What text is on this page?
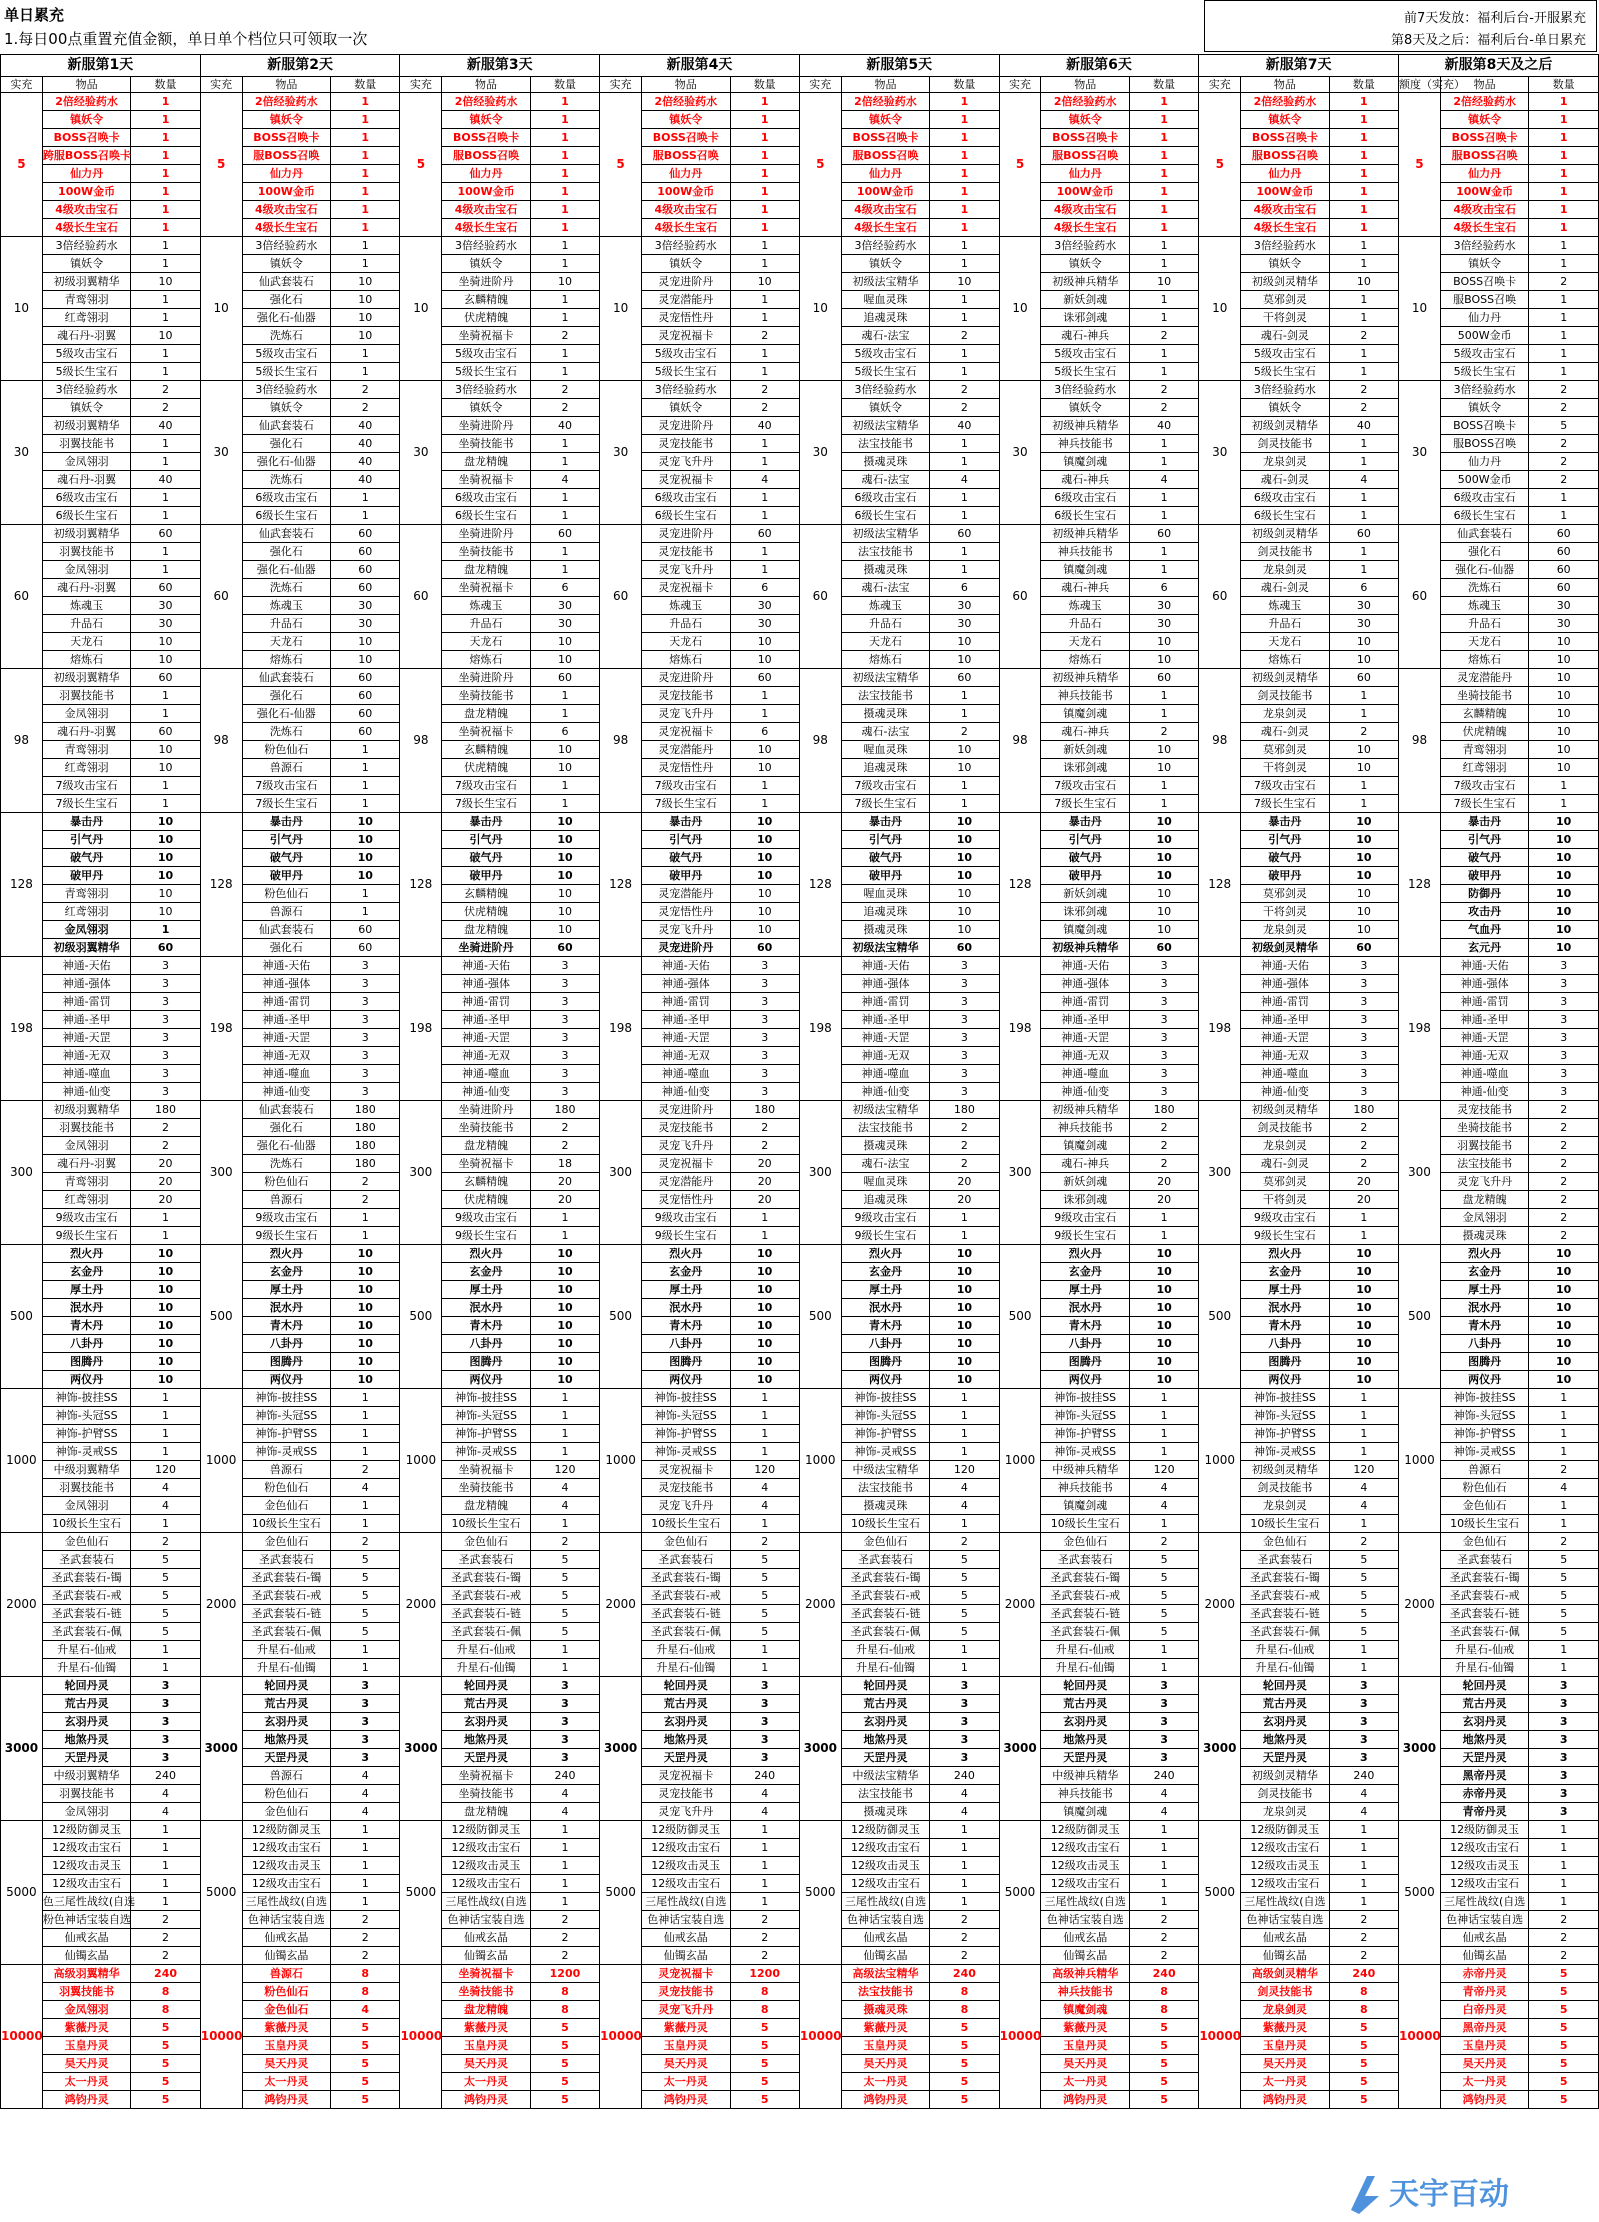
单日累充
1.每日00点重置充值金额，单日单个档位只可领取一次
前7天发放：福利后台-开服累充
第8天及之后：福利后台-单日累充
新服第1天			新服第2天			新服第3天			新服第4天			新服第5天			新服第6天			新服第7天			新服第8天及之后		
实充	物品	数量	实充	物品	数量	实充	物品	数量	实充	物品	数量	实充	物品	数量	实充	物品	数量	实充	物品	数量	额度（实充）	物品	数量
5	2倍经验药水	1	5	2倍经验药水	1	5	2倍经验药水	1	5	2倍经验药水	1	5	2倍经验药水	1	5	2倍经验药水	1	5	2倍经验药水	1	5	2倍经验药水	1
	镇妖令	1		镇妖令	1		镇妖令	1		镇妖令	1		镇妖令	1		镇妖令	1		镇妖令	1		镇妖令	1
	BOSS召唤卡	1		BOSS召唤卡	1		BOSS召唤卡	1		BOSS召唤卡	1		BOSS召唤卡	1		BOSS召唤卡	1		BOSS召唤卡	1		BOSS召唤卡	1
	跨服BOSS召唤卡	1		服BOSS召唤	1		服BOSS召唤	1		服BOSS召唤	1		服BOSS召唤	1		服BOSS召唤	1		服BOSS召唤	1		服BOSS召唤	1
	仙力丹	1		仙力丹	1		仙力丹	1		仙力丹	1		仙力丹	1		仙力丹	1		仙力丹	1		仙力丹	1
	100W金币	1		100W金币	1		100W金币	1		100W金币	1		100W金币	1		100W金币	1		100W金币	1		100W金币	1
	4级攻击宝石	1		4级攻击宝石	1		4级攻击宝石	1		4级攻击宝石	1		4级攻击宝石	1		4级攻击宝石	1		4级攻击宝石	1		4级攻击宝石	1
	4级长生宝石	1		4级长生宝石	1		4级长生宝石	1		4级长生宝石	1		4级长生宝石	1		4级长生宝石	1		4级长生宝石	1		4级长生宝石	1
10	3倍经验药水	1	10	3倍经验药水	1	10	3倍经验药水	1	10	3倍经验药水	1	10	3倍经验药水	1	10	3倍经验药水	1	10	3倍经验药水	1	10	3倍经验药水	1
	镇妖令	1		镇妖令	1		镇妖令	1		镇妖令	1		镇妖令	1		镇妖令	1		镇妖令	1		镇妖令	1
	初级羽翼精华	10		仙武套装石	10		坐骑进阶丹	10		灵宠进阶丹	10		初级法宝精华	10		初级神兵精华	10		初级剑灵精华	10		BOSS召唤卡	2
	青鸾翎羽	1		强化石	10		玄麟精魄	1		灵宠潜能丹	1		喔血灵珠	1		新妖剑魂	1		莫邪剑灵	1		服BOSS召唤	1
	红鸢翎羽	1		强化石-仙器	10		伏虎精魄	1		灵宠悟性丹	1		追魂灵珠	1		诛邪剑魂	1		干将剑灵	1		仙力丹	1
	魂石丹-羽翼	10		洗炼石	10		坐骑祝福卡	2		灵宠祝福卡	2		魂石-法宝	2		魂石-神兵	2		魂石-剑灵	2		500W金币	1
	5级攻击宝石	1		5级攻击宝石	1		5级攻击宝石	1		5级攻击宝石	1		5级攻击宝石	1		5级攻击宝石	1		5级攻击宝石	1		5级攻击宝石	1
	5级长生宝石	1		5级长生宝石	1		5级长生宝石	1		5级长生宝石	1		5级长生宝石	1		5级长生宝石	1		5级长生宝石	1		5级长生宝石	1
30	3倍经验药水	2	30	3倍经验药水	2	30	3倍经验药水	2	30	3倍经验药水	2	30	3倍经验药水	2	30	3倍经验药水	2	30	3倍经验药水	2	30	3倍经验药水	2
	镇妖令	2		镇妖令	2		镇妖令	2		镇妖令	2		镇妖令	2		镇妖令	2		镇妖令	2		镇妖令	2
	初级羽翼精华	40		仙武套装石	40		坐骑进阶丹	40		灵宠进阶丹	40		初级法宝精华	40		初级神兵精华	40		初级剑灵精华	40		BOSS召唤卡	5
	羽翼技能书	1		强化石	40		坐骑技能书	1		灵宠技能书	1		法宝技能书	1		神兵技能书	1		剑灵技能书	1		服BOSS召唤	2
	金凤翎羽	1		强化石-仙器	40		盘龙精魄	1		灵宠飞升丹	1		摄魂灵珠	1		镇魔剑魂	1		龙泉剑灵	1		仙力丹	2
	魂石丹-羽翼	40		洗炼石	40		坐骑祝福卡	4		灵宠祝福卡	4		魂石-法宝	4		魂石-神兵	4		魂石-剑灵	4		500W金币	2
	6级攻击宝石	1		6级攻击宝石	1		6级攻击宝石	1		6级攻击宝石	1		6级攻击宝石	1		6级攻击宝石	1		6级攻击宝石	1		6级攻击宝石	1
	6级长生宝石	1		6级长生宝石	1		6级长生宝石	1		6级长生宝石	1		6级长生宝石	1		6级长生宝石	1		6级长生宝石	1		6级长生宝石	1
60	初级羽翼精华	60	60	仙武套装石	60	60	坐骑进阶丹	60	60	灵宠进阶丹	60	60	初级法宝精华	60	60	初级神兵精华	60	60	初级剑灵精华	60	60	仙武套装石	60
	羽翼技能书	1		强化石	60		坐骑技能书	1		灵宠技能书	1		法宝技能书	1		神兵技能书	1		剑灵技能书	1		强化石	60
	金凤翎羽	1		强化石-仙器	60		盘龙精魄	1		灵宠飞升丹	1		摄魂灵珠	1		镇魔剑魂	1		龙泉剑灵	1		强化石-仙器	60
	魂石丹-羽翼	60		洗炼石	60		坐骑祝福卡	6		灵宠祝福卡	6		魂石-法宝	6		魂石-神兵	6		魂石-剑灵	6		洗炼石	60
	炼魂玉	30		炼魂玉	30		炼魂玉	30		炼魂玉	30		炼魂玉	30		炼魂玉	30		炼魂玉	30		炼魂玉	30
	升品石	30		升品石	30		升品石	30		升品石	30		升品石	30		升品石	30		升品石	30		升品石	30
	天龙石	10		天龙石	10		天龙石	10		天龙石	10		天龙石	10		天龙石	10		天龙石	10		天龙石	10
	熔炼石	10		熔炼石	10		熔炼石	10		熔炼石	10		熔炼石	10		熔炼石	10		熔炼石	10		熔炼石	10
98	初级羽翼精华	60	98	仙武套装石	60	98	坐骑进阶丹	60	98	灵宠进阶丹	60	98	初级法宝精华	60	98	初级神兵精华	60	98	初级剑灵精华	60	98	灵宠潜能丹	10
	羽翼技能书	1		强化石	60		坐骑技能书	1		灵宠技能书	1		法宝技能书	1		神兵技能书	1		剑灵技能书	1		坐骑技能书	10
	金凤翎羽	1		强化石-仙器	60		盘龙精魄	1		灵宠飞升丹	1		摄魂灵珠	1		镇魔剑魂	1		龙泉剑灵	1		玄麟精魄	10
	魂石丹-羽翼	60		洗炼石	60		坐骑祝福卡	6		灵宠祝福卡	6		魂石-法宝	2		魂石-神兵	2		魂石-剑灵	2		伏虎精魄	10
	青鸾翎羽	10		粉色仙石	1		玄麟精魄	10		灵宠潜能丹	10		喔血灵珠	10		新妖剑魂	10		莫邪剑灵	10		青鸾翎羽	10
	红鸢翎羽	10		兽源石	1		伏虎精魄	10		灵宠悟性丹	10		追魂灵珠	10		诛邪剑魂	10		干将剑灵	10		红鸢翎羽	10
	7级攻击宝石	1		7级攻击宝石	1		7级攻击宝石	1		7级攻击宝石	1		7级攻击宝石	1		7级攻击宝石	1		7级攻击宝石	1		7级攻击宝石	1
	7级长生宝石	1		7级长生宝石	1		7级长生宝石	1		7级长生宝石	1		7级长生宝石	1		7级长生宝石	1		7级长生宝石	1		7级长生宝石	1
128	暴击丹	10	128	暴击丹	10	128	暴击丹	10	128	暴击丹	10	128	暴击丹	10	128	暴击丹	10	128	暴击丹	10	128	暴击丹	10
	引气丹	10		引气丹	10		引气丹	10		引气丹	10		引气丹	10		引气丹	10		引气丹	10		引气丹	10
	破气丹	10		破气丹	10		破气丹	10		破气丹	10		破气丹	10		破气丹	10		破气丹	10		破气丹	10
	破甲丹	10		破甲丹	10		破甲丹	10		破甲丹	10		破甲丹	10		破甲丹	10		破甲丹	10		破甲丹	10
	青鸾翎羽	10		粉色仙石	1		玄麟精魄	10		灵宠潜能丹	10		喔血灵珠	10		新妖剑魂	10		莫邪剑灵	10		防御丹	10
	红鸢翎羽	10		兽源石	1		伏虎精魄	10		灵宠悟性丹	10		追魂灵珠	10		诛邪剑魂	10		干将剑灵	10		攻击丹	10
	金凤翎羽	1		仙武套装石	60		盘龙精魄	10		灵宠飞升丹	10		摄魂灵珠	10		镇魔剑魂	10		龙泉剑灵	10		气血丹	10
	初级羽翼精华	60		强化石	60		坐骑进阶丹	60		灵宠进阶丹	60		初级法宝精华	60		初级神兵精华	60		初级剑灵精华	60		玄元丹	10
198	神通-天佑	3	198	神通-天佑	3	198	神通-天佑	3	198	神通-天佑	3	198	神通-天佑	3	198	神通-天佑	3	198	神通-天佑	3	198	神通-天佑	3
	神通-强体	3		神通-强体	3		神通-强体	3		神通-强体	3		神通-强体	3		神通-强体	3		神通-强体	3		神通-强体	3
	神通-雷罚	3		神通-雷罚	3		神通-雷罚	3		神通-雷罚	3		神通-雷罚	3		神通-雷罚	3		神通-雷罚	3		神通-雷罚	3
	神通-圣甲	3		神通-圣甲	3		神通-圣甲	3		神通-圣甲	3		神通-圣甲	3		神通-圣甲	3		神通-圣甲	3		神通-圣甲	3
	神通-天罡	3		神通-天罡	3		神通-天罡	3		神通-天罡	3		神通-天罡	3		神通-天罡	3		神通-天罡	3		神通-天罡	3
	神通-无双	3		神通-无双	3		神通-无双	3		神通-无双	3		神通-无双	3		神通-无双	3		神通-无双	3		神通-无双	3
	神通-噬血	3		神通-噬血	3		神通-噬血	3		神通-噬血	3		神通-噬血	3		神通-噬血	3		神通-噬血	3		神通-噬血	3
	神通-仙变	3		神通-仙变	3		神通-仙变	3		神通-仙变	3		神通-仙变	3		神通-仙变	3		神通-仙变	3		神通-仙变	3
300	初级羽翼精华	180	300	仙武套装石	180	300	坐骑进阶丹	180	300	灵宠进阶丹	180	300	初级法宝精华	180	300	初级神兵精华	180	300	初级剑灵精华	180	300	灵宠技能书	2
	羽翼技能书	2		强化石	180		坐骑技能书	2		灵宠技能书	2		法宝技能书	2		神兵技能书	2		剑灵技能书	2		坐骑技能书	2
	金凤翎羽	2		强化石-仙器	180		盘龙精魄	2		灵宠飞升丹	2		摄魂灵珠	2		镇魔剑魂	2		龙泉剑灵	2		羽翼技能书	2
	魂石丹-羽翼	20		洗炼石	180		坐骑祝福卡	18		灵宠祝福卡	20		魂石-法宝	2		魂石-神兵	2		魂石-剑灵	2		法宝技能书	2
	青鸾翎羽	20		粉色仙石	2		玄麟精魄	20		灵宠潜能丹	20		喔血灵珠	20		新妖剑魂	20		莫邪剑灵	20		灵宠飞升丹	2
	红鸢翎羽	20		兽源石	2		伏虎精魄	20		灵宠悟性丹	20		追魂灵珠	20		诛邪剑魂	20		干将剑灵	20		盘龙精魄	2
	9级攻击宝石	1		9级攻击宝石	1		9级攻击宝石	1		9级攻击宝石	1		9级攻击宝石	1		9级攻击宝石	1		9级攻击宝石	1		金凤翎羽	2
	9级长生宝石	1		9级长生宝石	1		9级长生宝石	1		9级长生宝石	1		9级长生宝石	1		9级长生宝石	1		9级长生宝石	1		摄魂灵珠	2
500	烈火丹	10	500	烈火丹	10	500	烈火丹	10	500	烈火丹	10	500	烈火丹	10	500	烈火丹	10	500	烈火丹	10	500	烈火丹	10
	玄金丹	10		玄金丹	10		玄金丹	10		玄金丹	10		玄金丹	10		玄金丹	10		玄金丹	10		玄金丹	10
	厚土丹	10		厚土丹	10		厚土丹	10		厚土丹	10		厚土丹	10		厚土丹	10		厚土丹	10		厚土丹	10
	泯水丹	10		泯水丹	10		泯水丹	10		泯水丹	10		泯水丹	10		泯水丹	10		泯水丹	10		泯水丹	10
	青木丹	10		青木丹	10		青木丹	10		青木丹	10		青木丹	10		青木丹	10		青木丹	10		青木丹	10
	八卦丹	10		八卦丹	10		八卦丹	10		八卦丹	10		八卦丹	10		八卦丹	10		八卦丹	10		八卦丹	10
	图腾丹	10		图腾丹	10		图腾丹	10		图腾丹	10		图腾丹	10		图腾丹	10		图腾丹	10		图腾丹	10
	两仪丹	10		两仪丹	10		两仪丹	10		两仪丹	10		两仪丹	10		两仪丹	10		两仪丹	10		两仪丹	10
1000	神饰-披挂SS	1	1000	神饰-披挂SS	1	1000	神饰-披挂SS	1	1000	神饰-披挂SS	1	1000	神饰-披挂SS	1	1000	神饰-披挂SS	1	1000	神饰-披挂SS	1	1000	神饰-披挂SS	1
	神饰-头冠SS	1		神饰-头冠SS	1		神饰-头冠SS	1		神饰-头冠SS	1		神饰-头冠SS	1		神饰-头冠SS	1		神饰-头冠SS	1		神饰-头冠SS	1
	神饰-护臂SS	1		神饰-护臂SS	1		神饰-护臂SS	1		神饰-护臂SS	1		神饰-护臂SS	1		神饰-护臂SS	1		神饰-护臂SS	1		神饰-护臂SS	1
	神饰-灵戒SS	1		神饰-灵戒SS	1		神饰-灵戒SS	1		神饰-灵戒SS	1		神饰-灵戒SS	1		神饰-灵戒SS	1		神饰-灵戒SS	1		神饰-灵戒SS	1
	中级羽翼精华	120		兽源石	2		坐骑祝福卡	120		灵宠祝福卡	120		中级法宝精华	120		中级神兵精华	120		初级剑灵精华	120		兽源石	2
	羽翼技能书	4		粉色仙石	4		坐骑技能书	4		灵宠技能书	4		法宝技能书	4		神兵技能书	4		剑灵技能书	4		粉色仙石	4
	金凤翎羽	4		金色仙石	1		盘龙精魄	4		灵宠飞升丹	4		摄魂灵珠	4		镇魔剑魂	4		龙泉剑灵	4		金色仙石	1
	10级长生宝石	1		10级长生宝石	1		10级长生宝石	1		10级长生宝石	1		10级长生宝石	1		10级长生宝石	1		10级长生宝石	1		10级长生宝石	1
2000	金色仙石	2	2000	金色仙石	2	2000	金色仙石	2	2000	金色仙石	2	2000	金色仙石	2	2000	金色仙石	2	2000	金色仙石	2	2000	金色仙石	2
	圣武套装石	5		圣武套装石	5		圣武套装石	5		圣武套装石	5		圣武套装石	5		圣武套装石	5		圣武套装石	5		圣武套装石	5
	圣武套装石-镯	5		圣武套装石-镯	5		圣武套装石-镯	5		圣武套装石-镯	5		圣武套装石-镯	5		圣武套装石-镯	5		圣武套装石-镯	5		圣武套装石-镯	5
	圣武套装石-戒	5		圣武套装石-戒	5		圣武套装石-戒	5		圣武套装石-戒	5		圣武套装石-戒	5		圣武套装石-戒	5		圣武套装石-戒	5		圣武套装石-戒	5
	圣武套装石-链	5		圣武套装石-链	5		圣武套装石-链	5		圣武套装石-链	5		圣武套装石-链	5		圣武套装石-链	5		圣武套装石-链	5		圣武套装石-链	5
	圣武套装石-佩	5		圣武套装石-佩	5		圣武套装石-佩	5		圣武套装石-佩	5		圣武套装石-佩	5		圣武套装石-佩	5		圣武套装石-佩	5		圣武套装石-佩	5
	升星石-仙戒	1		升星石-仙戒	1		升星石-仙戒	1		升星石-仙戒	1		升星石-仙戒	1		升星石-仙戒	1		升星石-仙戒	1		升星石-仙戒	1
	升星石-仙镯	1		升星石-仙镯	1		升星石-仙镯	1		升星石-仙镯	1		升星石-仙镯	1		升星石-仙镯	1		升星石-仙镯	1		升星石-仙镯	1
3000	轮回丹灵	3	3000	轮回丹灵	3	3000	轮回丹灵	3	3000	轮回丹灵	3	3000	轮回丹灵	3	3000	轮回丹灵	3	3000	轮回丹灵	3	3000	轮回丹灵	3
	荒古丹灵	3		荒古丹灵	3		荒古丹灵	3		荒古丹灵	3		荒古丹灵	3		荒古丹灵	3		荒古丹灵	3		荒古丹灵	3
	玄羽丹灵	3		玄羽丹灵	3		玄羽丹灵	3		玄羽丹灵	3		玄羽丹灵	3		玄羽丹灵	3		玄羽丹灵	3		玄羽丹灵	3
	地煞丹灵	3		地煞丹灵	3		地煞丹灵	3		地煞丹灵	3		地煞丹灵	3		地煞丹灵	3		地煞丹灵	3		地煞丹灵	3
	天罡丹灵	3		天罡丹灵	3		天罡丹灵	3		天罡丹灵	3		天罡丹灵	3		天罡丹灵	3		天罡丹灵	3		天罡丹灵	3
	中级羽翼精华	240		兽源石	4		坐骑祝福卡	240		灵宠祝福卡	240		中级法宝精华	240		中级神兵精华	240		初级剑灵精华	240		黑帝丹灵	3
	羽翼技能书	4		粉色仙石	4		坐骑技能书	4		灵宠技能书	4		法宝技能书	4		神兵技能书	4		剑灵技能书	4		赤帝丹灵	3
	金凤翎羽	4		金色仙石	4		盘龙精魄	4		灵宠飞升丹	4		摄魂灵珠	4		镇魔剑魂	4		龙泉剑灵	4		青帝丹灵	3
5000	12级防御灵玉	1	5000	12级防御灵玉	1	5000	12级防御灵玉	1	5000	12级防御灵玉	1	5000	12级防御灵玉	1	5000	12级防御灵玉	1	5000	12级防御灵玉	1	5000	12级防御灵玉	1
	12级攻击宝石	1		12级攻击宝石	1		12级攻击宝石	1		12级攻击宝石	1		12级攻击宝石	1		12级攻击宝石	1		12级攻击宝石	1		12级攻击宝石	1
	12级攻击灵玉	1		12级攻击灵玉	1		12级攻击灵玉	1		12级攻击灵玉	1		12级攻击灵玉	1		12级攻击灵玉	1		12级攻击灵玉	1		12级攻击灵玉	1
	12级攻击宝石	1		12级攻击宝石	1		12级攻击宝石	1		12级攻击宝石	1		12级攻击宝石	1		12级攻击宝石	1		12级攻击宝石	1		12级攻击宝石	1
	色三尾性战纹(自选	1		三尾性战纹(自选	1		三尾性战纹(自选	1		三尾性战纹(自选	1		三尾性战纹(自选	1		三尾性战纹(自选	1		三尾性战纹(自选	1		三尾性战纹(自选	1
	粉色神话宝装自选	2		色神话宝装自选	2		色神话宝装自选	2		色神话宝装自选	2		色神话宝装自选	2		色神话宝装自选	2		色神话宝装自选	2		色神话宝装自选	2
	仙戒玄晶	2		仙戒玄晶	2		仙戒玄晶	2		仙戒玄晶	2		仙戒玄晶	2		仙戒玄晶	2		仙戒玄晶	2		仙戒玄晶	2
	仙镯玄晶	2		仙镯玄晶	2		仙镯玄晶	2		仙镯玄晶	2		仙镯玄晶	2		仙镯玄晶	2		仙镯玄晶	2		仙镯玄晶	2
10000	高级羽翼精华	240	10000	兽源石	8	10000	坐骑祝福卡	1200	10000	灵宠祝福卡	1200	10000	高级法宝精华	240	10000	高级神兵精华	240	10000	高级剑灵精华	240	10000	赤帝丹灵	5
	羽翼技能书	8		粉色仙石	8		坐骑技能书	8		灵宠技能书	8		法宝技能书	8		神兵技能书	8		剑灵技能书	8		青帝丹灵	5
	金凤翎羽	8		金色仙石	4		盘龙精魄	8		灵宠飞升丹	8		摄魂灵珠	8		镇魔剑魂	8		龙泉剑灵	8		白帝丹灵	5
	紫薇丹灵	5		紫薇丹灵	5		紫薇丹灵	5		紫薇丹灵	5		紫薇丹灵	5		紫薇丹灵	5		紫薇丹灵	5		黑帝丹灵	5
	玉皇丹灵	5		玉皇丹灵	5		玉皇丹灵	5		玉皇丹灵	5		玉皇丹灵	5		玉皇丹灵	5		玉皇丹灵	5		玉皇丹灵	5
	昊天丹灵	5		昊天丹灵	5		昊天丹灵	5		昊天丹灵	5		昊天丹灵	5		昊天丹灵	5		昊天丹灵	5		昊天丹灵	5
	太一丹灵	5		太一丹灵	5		太一丹灵	5		太一丹灵	5		太一丹灵	5		太一丹灵	5		太一丹灵	5		太一丹灵	5
	鸿钧丹灵	5		鸿钧丹灵	5		鸿钧丹灵	5		鸿钧丹灵	5		鸿钧丹灵	5		鸿钧丹灵	5		鸿钧丹灵	5		鸿钧丹灵	5
天宇百动
